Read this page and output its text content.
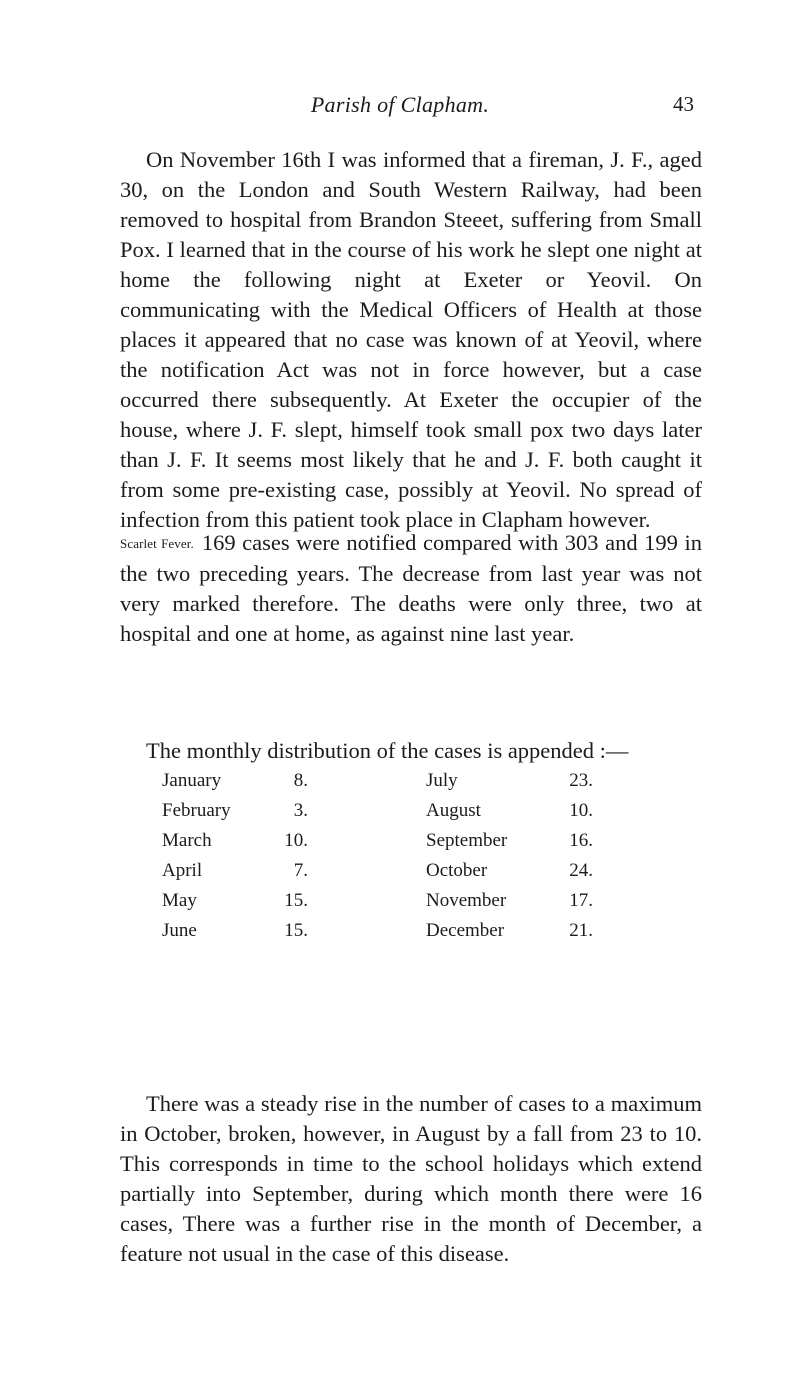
Parish of Clapham.	43

On November 16th I was informed that a fireman, J. F., aged 30, on the London and South Western Railway, had been removed to hospital from Brandon Steeet, suffering from Small Pox. I learned that in the course of his work he slept one night at home the following night at Exeter or Yeovil. On communicating with the Medical Officers of Health at those places it appeared that no case was known of at Yeovil, where the notification Act was not in force however, but a case occurred there subsequently. At Exeter the occupier of the house, where J. F. slept, himself took small pox two days later than J. F. It seems most likely that he and J. F. both caught it from some pre-existing case, possibly at Yeovil. No spread of infection from this patient took place in Clapham however.

Scarlet Fever. 169 cases were notified compared with 303 and 199 in the two preceding years. The decrease from last year was not very marked therefore. The deaths were only three, two at hospital and one at home, as against nine last year.

The monthly distribution of the cases is appended :—
January	8.	July	23.
February	3.	August	10.
March	10.	September	16.
April	7.	October	24.
May	15.	November	17.
June	15.	December	21.

There was a steady rise in the number of cases to a maximum in October, broken, however, in August by a fall from 23 to 10. This corresponds in time to the school holidays which extend partially into September, during which month there were 16 cases, There was a further rise in the month of December, a feature not usual in the case of this disease.
